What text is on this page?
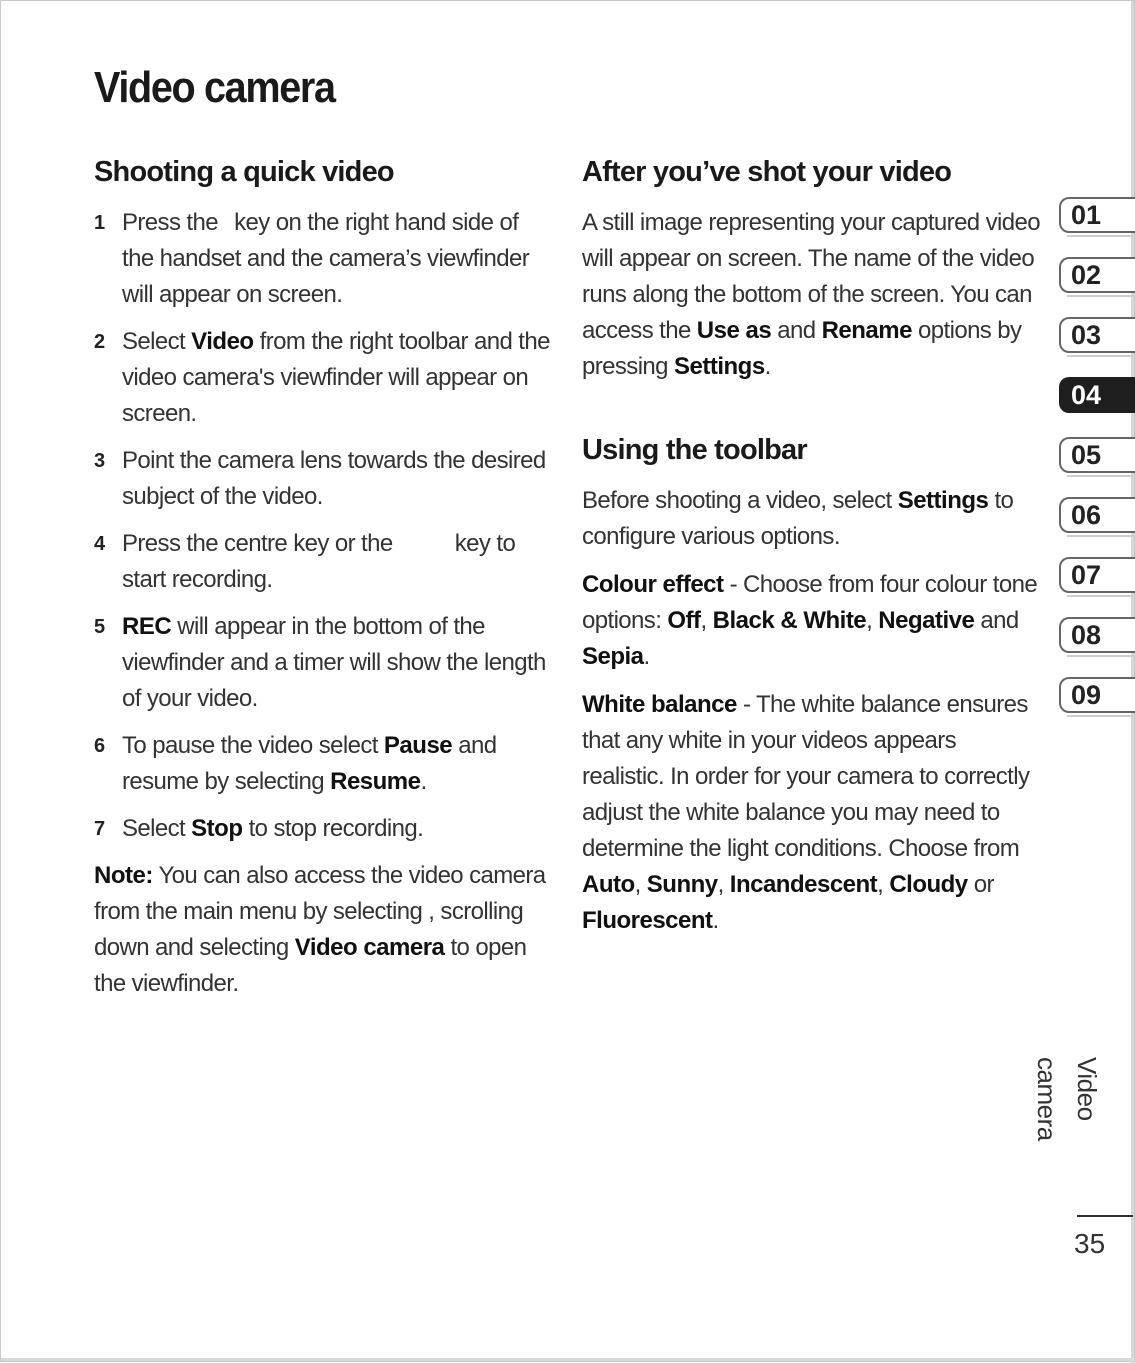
Video camera
Shooting a quick video
1 Press the  key on the right hand side of the handset and the camera’s viewfinder will appear on screen.
2 Select Video from the right toolbar and the video camera's viewfinder will appear on screen.
3 Point the camera lens towards the desired subject of the video.
4 Press the centre key or the  key to start recording.
5 REC will appear in the bottom of the viewfinder and a timer will show the length of your video.
6 To pause the video select Pause and resume by selecting Resume.
7 Select Stop to stop recording.

Note: You can also access the video camera from the main menu by selecting , scrolling down and selecting Video camera to open the viewfinder.

After you’ve shot your video

A still image representing your captured video will appear on screen. The name of the video runs along the bottom of the screen. You can access the Use as and Rename options by pressing Settings.

Using the toolbar

Before shooting a video, select Settings to configure various options.

Colour effect - Choose from four colour tone options: Off, Black & White, Negative and Sepia.

White balance - The white balance ensures that any white in your videos appears realistic. In order for your camera to correctly adjust the white balance you may need to determine the light conditions. Choose from Auto, Sunny, Incandescent, Cloudy or Fluorescent.

01
02
03
04
05
06
07
08
09
Video camera
35
